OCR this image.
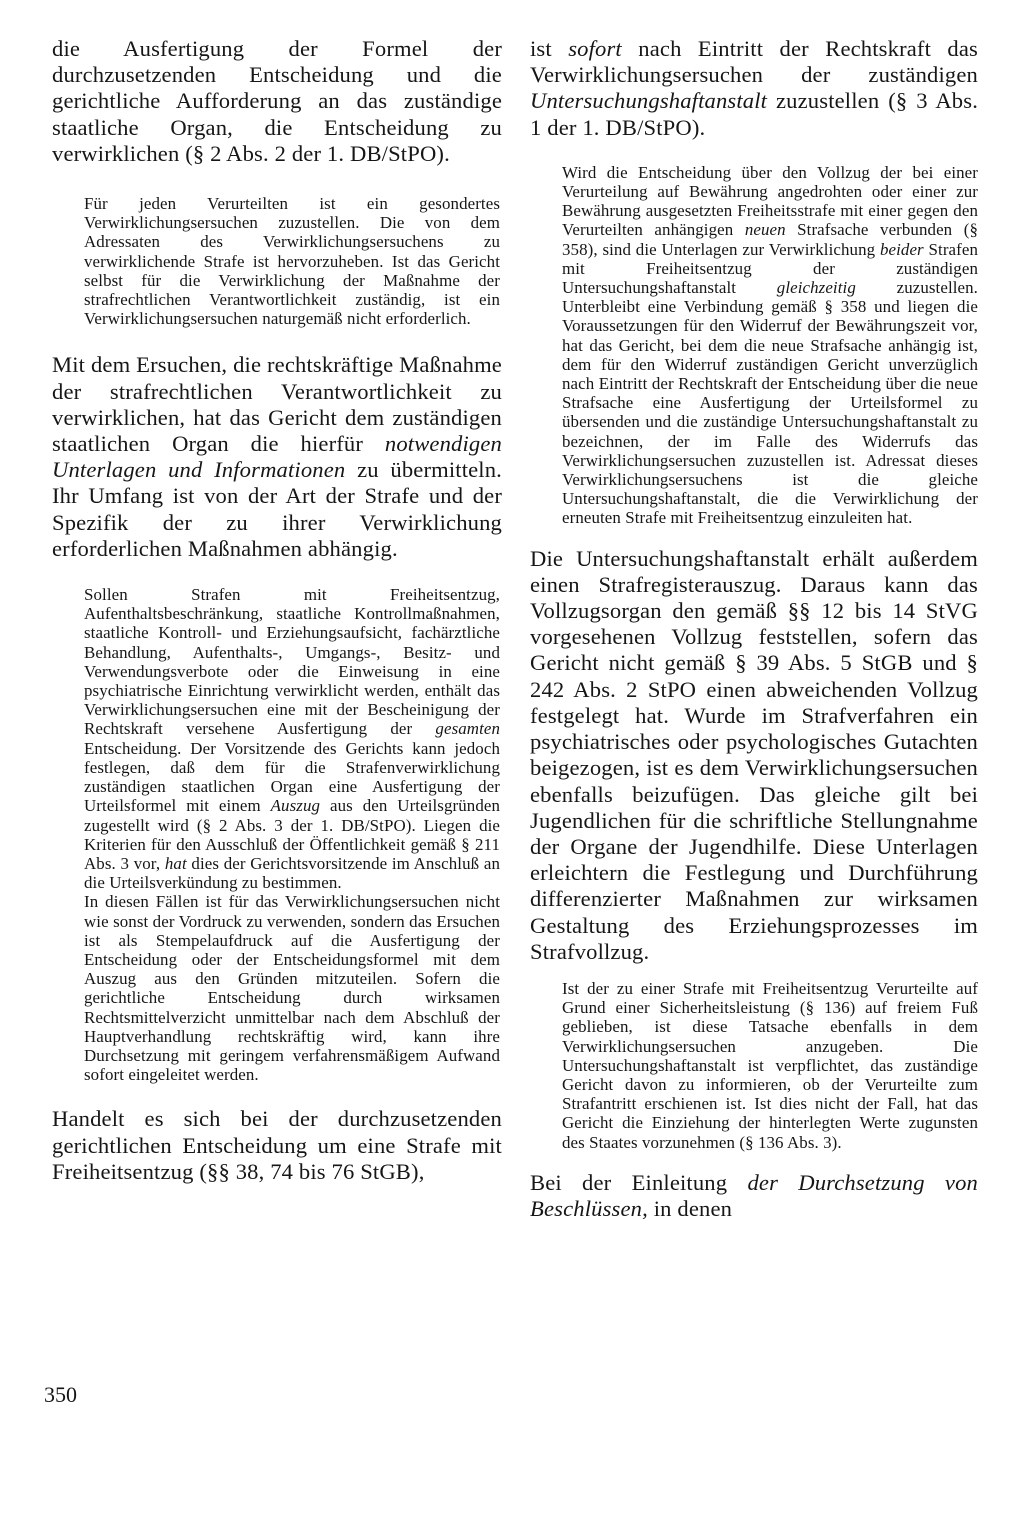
die Ausfertigung der Formel der durchzusetzenden Entscheidung und die gerichtliche Aufforderung an das zuständige staatliche Organ, die Entscheidung zu verwirklichen (§ 2 Abs. 2 der 1. DB/StPO).

Für jeden Verurteilten ist ein gesondertes Verwirklichungsersuchen zuzustellen. Die von dem Adressaten des Verwirklichungsersuchens zu verwirklichende Strafe ist hervorzuheben. Ist das Gericht selbst für die Verwirklichung der Maßnahme der strafrechtlichen Verantwortlichkeit zuständig, ist ein Verwirklichungsersuchen naturgemäß nicht erforderlich.

Mit dem Ersuchen, die rechtskräftige Maßnahme der strafrechtlichen Verantwortlichkeit zu verwirklichen, hat das Gericht dem zuständigen staatlichen Organ die hierfür notwendigen Unterlagen und Informationen zu übermitteln. Ihr Umfang ist von der Art der Strafe und der Spezifik der zu ihrer Verwirklichung erforderlichen Maßnahmen abhängig.

Sollen Strafen mit Freiheitsentzug, Aufenthaltsbeschränkung, staatliche Kontrollmaßnahmen, staatliche Kontroll- und Erziehungsaufsicht, fachärztliche Behandlung, Aufenthalts-, Umgangs-, Besitz- und Verwendungsverbote oder die Einweisung in eine psychiatrische Einrichtung verwirklicht werden, enthält das Verwirklichungsersuchen eine mit der Bescheinigung der Rechtskraft versehene Ausfertigung der gesamten Entscheidung. Der Vorsitzende des Gerichts kann jedoch festlegen, daß dem für die Strafenverwirklichung zuständigen staatlichen Organ eine Ausfertigung der Urteilsformel mit einem Auszug aus den Urteilsgründen zugestellt wird (§ 2 Abs. 3 der 1. DB/StPO). Liegen die Kriterien für den Ausschluß der Öffentlichkeit gemäß § 211 Abs. 3 vor, hat dies der Gerichtsvorsitzende im Anschluß an die Urteilsverkündung zu bestimmen.

In diesen Fällen ist für das Verwirklichungsersuchen nicht wie sonst der Vordruck zu verwenden, sondern das Ersuchen ist als Stempelaufdruck auf die Ausfertigung der Entscheidung oder der Entscheidungsformel mit dem Auszug aus den Gründen mitzuteilen. Sofern die gerichtliche Entscheidung durch wirksamen Rechtsmittelverzicht unmittelbar nach dem Abschluß der Hauptverhandlung rechtskräftig wird, kann ihre Durchsetzung mit geringem verfahrensmäßigem Aufwand sofort eingeleitet werden.

Handelt es sich bei der durchzusetzenden gerichtlichen Entscheidung um eine Strafe mit Freiheitsentzug (§§ 38, 74 bis 76 StGB),

ist sofort nach Eintritt der Rechtskraft das Verwirklichungsersuchen der zuständigen Untersuchungshaftanstalt zuzustellen (§ 3 Abs. 1 der 1. DB/StPO).

Wird die Entscheidung über den Vollzug der bei einer Verurteilung auf Bewährung angedrohten oder einer zur Bewährung ausgesetzten Freiheitsstrafe mit einer gegen den Verurteilten anhängigen neuen Strafsache verbunden (§ 358), sind die Unterlagen zur Verwirklichung beider Strafen mit Freiheitsentzug der zuständigen Untersuchungshaftanstalt gleichzeitig zuzustellen. Unterbleibt eine Verbindung gemäß § 358 und liegen die Voraussetzungen für den Widerruf der Bewährungszeit vor, hat das Gericht, bei dem die neue Strafsache anhängig ist, dem für den Widerruf zuständigen Gericht unverzüglich nach Eintritt der Rechtskraft der Entscheidung über die neue Strafsache eine Ausfertigung der Urteilsformel zu übersenden und die zuständige Untersuchungshaftanstalt zu bezeichnen, der im Falle des Widerrufs das Verwirklichungsersuchen zuzustellen ist. Adressat dieses Verwirklichungsersuchens ist die gleiche Untersuchungshaftanstalt, die die Verwirklichung der erneuten Strafe mit Freiheitsentzug einzuleiten hat.

Die Untersuchungshaftanstalt erhält außerdem einen Strafregisterauszug. Daraus kann das Vollzugsorgan den gemäß §§ 12 bis 14 StVG vorgesehenen Vollzug feststellen, sofern das Gericht nicht gemäß § 39 Abs. 5 StGB und § 242 Abs. 2 StPO einen abweichenden Vollzug festgelegt hat. Wurde im Strafverfahren ein psychiatrisches oder psychologisches Gutachten beigezogen, ist es dem Verwirklichungsersuchen ebenfalls beizufügen. Das gleiche gilt bei Jugendlichen für die schriftliche Stellungnahme der Organe der Jugendhilfe. Diese Unterlagen erleichtern die Festlegung und Durchführung differenzierter Maßnahmen zur wirksamen Gestaltung des Erziehungsprozesses im Strafvollzug.

Ist der zu einer Strafe mit Freiheitsentzug Verurteilte auf Grund einer Sicherheitsleistung (§ 136) auf freiem Fuß geblieben, ist diese Tatsache ebenfalls in dem Verwirklichungsersuchen anzugeben. Die Untersuchungshaftanstalt ist verpflichtet, das zuständige Gericht davon zu informieren, ob der Verurteilte zum Strafantritt erschienen ist. Ist dies nicht der Fall, hat das Gericht die Einziehung der hinterlegten Werte zugunsten des Staates vorzunehmen (§ 136 Abs. 3).

Bei der Einleitung der Durchsetzung von Beschlüssen, in denen

350
